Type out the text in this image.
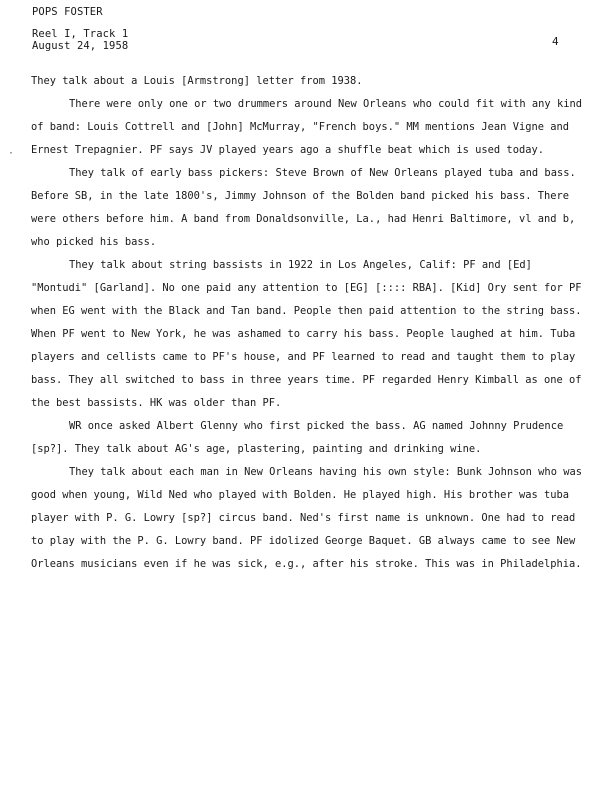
POPS FOSTER
Reel I, Track 1
August 24, 1958	4
·

They talk about a Louis [Armstrong] letter from 1938.

There were only one or two drummers around New Orleans who could fit with any kind of band: Louis Cottrell and [John] McMurray, "French boys." MM mentions Jean Vigne and Ernest Trepagnier. PF says JV played years ago a shuffle beat which is used today.

They talk of early bass pickers: Steve Brown of New Orleans played tuba and bass. Before SB, in the late 1800's, Jimmy Johnson of the Bolden band picked his bass. There were others before him. A band from Donaldsonville, La., had Henri Baltimore, vl and b, who picked his bass.

They talk about string bassists in 1922 in Los Angeles, Calif: PF and [Ed] "Montudi" [Garland]. No one paid any attention to [EG] [:::: RBA]. [Kid] Ory sent for PF when EG went with the Black and Tan band. People then paid attention to the string bass. When PF went to New York, he was ashamed to carry his bass. People laughed at him. Tuba players and cellists came to PF's house, and PF learned to read and taught them to play bass. They all switched to bass in three years time. PF regarded Henry Kimball as one of the best bassists. HK was older than PF.

WR once asked Albert Glenny who first picked the bass. AG named Johnny Prudence [sp?]. They talk about AG's age, plastering, painting and drinking wine.

They talk about each man in New Orleans having his own style: Bunk Johnson who was good when young, Wild Ned who played with Bolden. He played high. His brother was tuba player with P. G. Lowry [sp?] circus band. Ned's first name is unknown. One had to read to play with the P. G. Lowry band. PF idolized George Baquet. GB always came to see New Orleans musicians even if he was sick, e.g., after his stroke. This was in Philadelphia.
